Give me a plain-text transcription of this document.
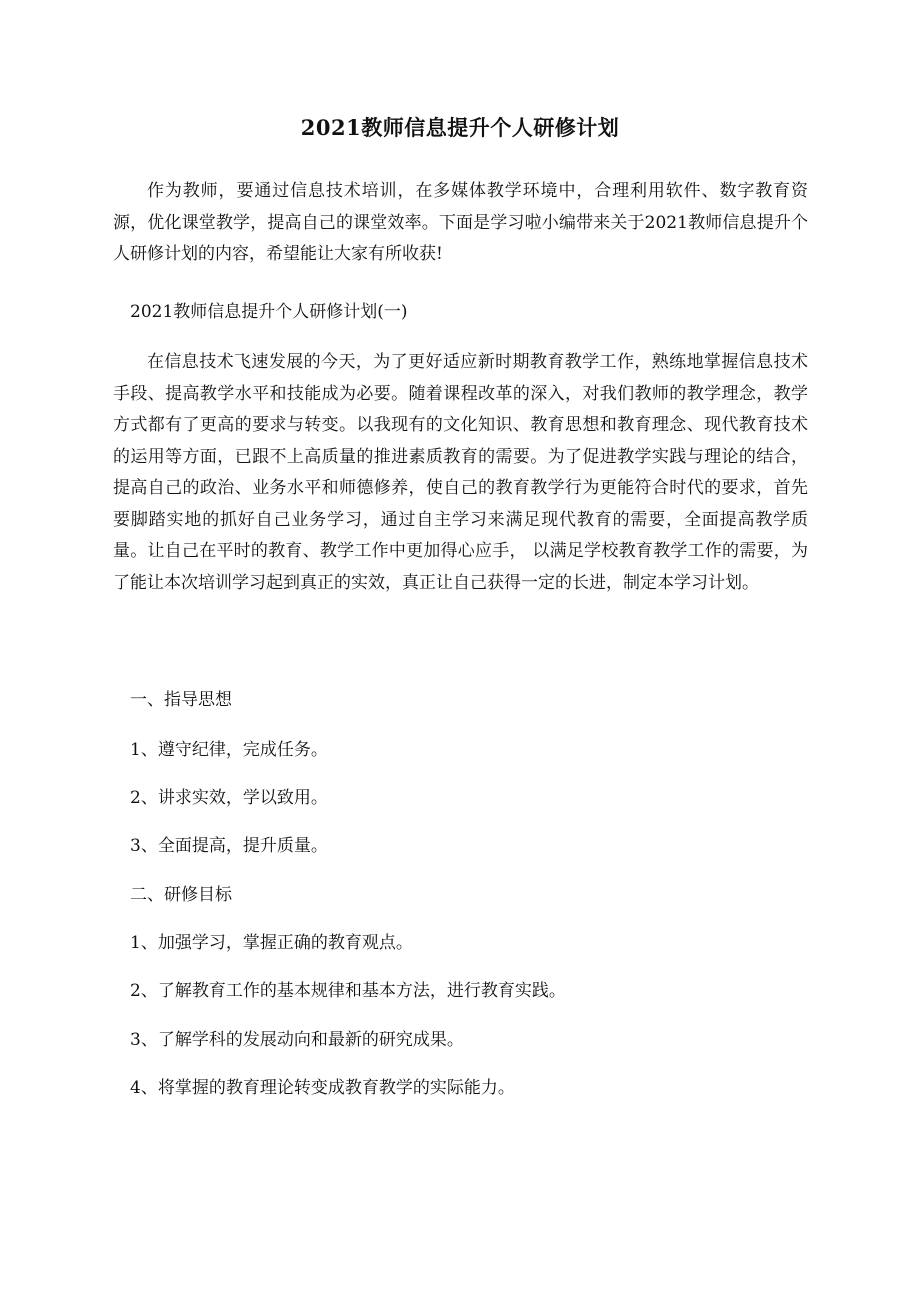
2021教师信息提升个人研修计划

作为教师，要通过信息技术培训，在多媒体教学环境中，合理利用软件、数字教育资源，优化课堂教学，提高自己的课堂效率。下面是学习啦小编带来关于2021教师信息提升个人研修计划的内容，希望能让大家有所收获!

2021教师信息提升个人研修计划(一)

在信息技术飞速发展的今天，为了更好适应新时期教育教学工作，熟练地掌握信息技术手段、提高教学水平和技能成为必要。随着课程改革的深入，对我们教师的教学理念，教学方式都有了更高的要求与转变。以我现有的文化知识、教育思想和教育理念、现代教育技术的运用等方面，已跟不上高质量的推进素质教育的需要。为了促进教学实践与理论的结合，提高自己的政治、业务水平和师德修养，使自己的教育教学行为更能符合时代的要求，首先要脚踏实地的抓好自己业务学习，通过自主学习来满足现代教育的需要，全面提高教学质量。让自己在平时的教育、教学工作中更加得心应手， 以满足学校教育教学工作的需要，为了能让本次培训学习起到真正的实效，真正让自己获得一定的长进，制定本学习计划。

一、指导思想

1、遵守纪律，完成任务。

2、讲求实效，学以致用。

3、全面提高，提升质量。

二、研修目标

1、加强学习，掌握正确的教育观点。

2、了解教育工作的基本规律和基本方法，进行教育实践。

3、了解学科的发展动向和最新的研究成果。

4、将掌握的教育理论转变成教育教学的实际能力。
